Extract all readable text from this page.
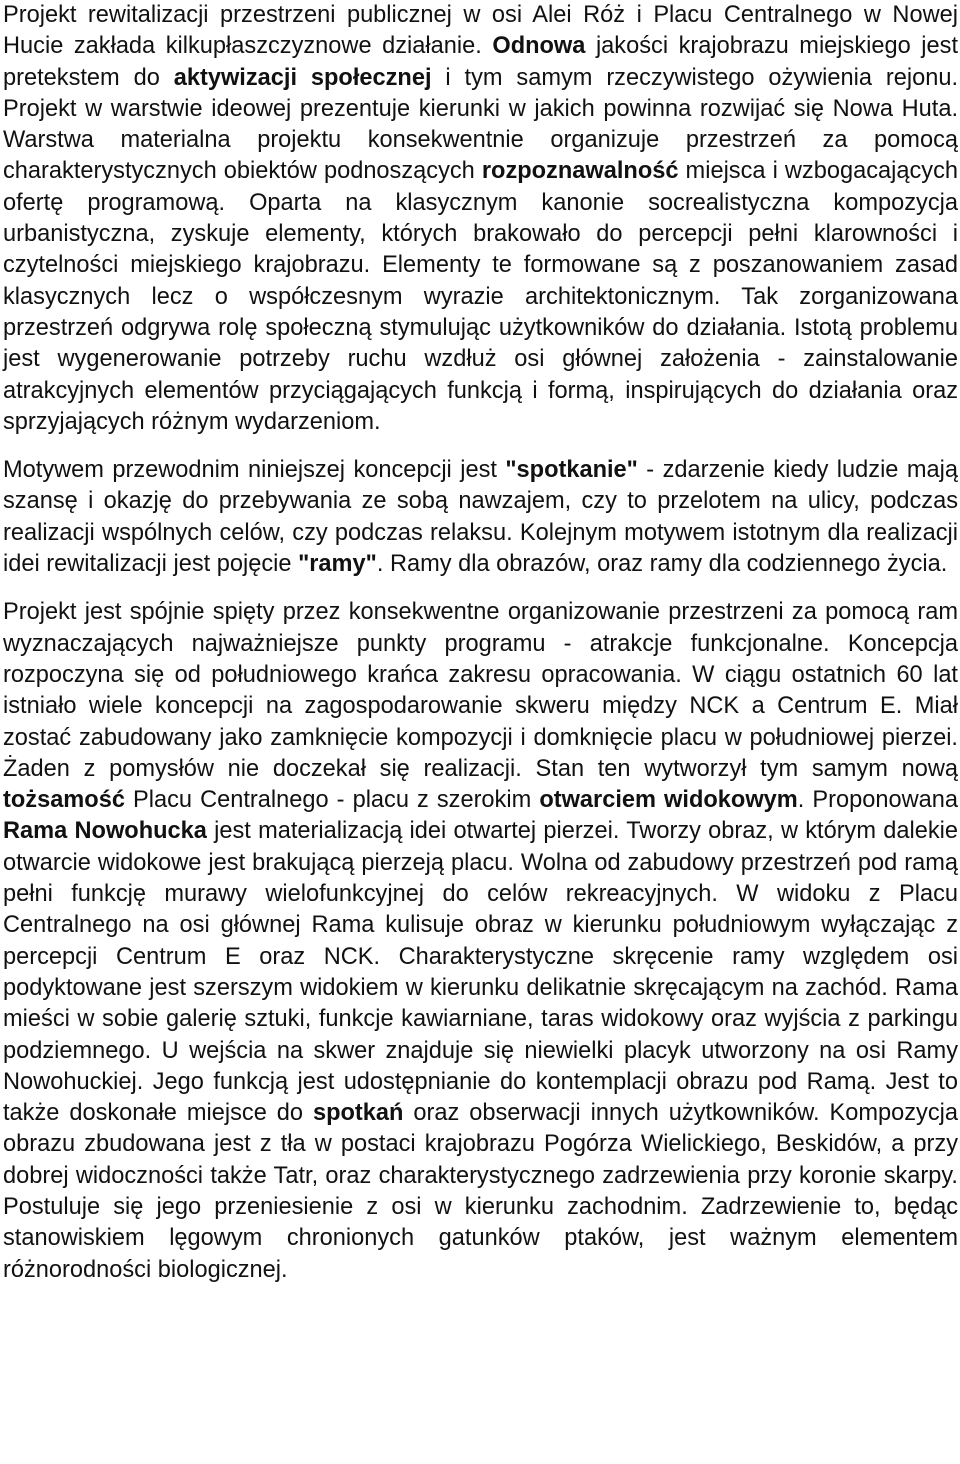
Projekt rewitalizacji przestrzeni publicznej w osi Alei Róż i Placu Centralnego w Nowej Hucie zakłada kilkupłaszczyznowe działanie. Odnowa jakości krajobrazu miejskiego jest pretekstem do aktywizacji społecznej i tym samym rzeczywistego ożywienia rejonu. Projekt w warstwie ideowej prezentuje kierunki w jakich powinna rozwijać się Nowa Huta. Warstwa materialna projektu konsekwentnie organizuje przestrzeń za pomocą charakterystycznych obiektów podnoszących rozpoznawalność miejsca i wzbogacających ofertę programową. Oparta na klasycznym kanonie socrealistyczna kompozycja urbanistyczna, zyskuje elementy, których brakowało do percepcji pełni klarowności i czytelności miejskiego krajobrazu. Elementy te formowane są z poszanowaniem zasad klasycznych lecz o współczesnym wyrazie architektonicznym. Tak zorganizowana przestrzeń odgrywa rolę społeczną stymulując użytkowników do działania. Istotą problemu jest wygenerowanie potrzeby ruchu wzdłuż osi głównej założenia - zainstalowanie atrakcyjnych elementów przyciągających funkcją i formą, inspirujących do działania oraz sprzyjających różnym wydarzeniom.

Motywem przewodnim niniejszej koncepcji jest "spotkanie" - zdarzenie kiedy ludzie mają szansę i okazję do przebywania ze sobą nawzajem, czy to przelotem na ulicy, podczas realizacji wspólnych celów, czy podczas relaksu. Kolejnym motywem istotnym dla realizacji idei rewitalizacji jest pojęcie "ramy". Ramy dla obrazów, oraz ramy dla codziennego życia.

Projekt jest spójnie spięty przez konsekwentne organizowanie przestrzeni za pomocą ram wyznaczających najważniejsze punkty programu - atrakcje funkcjonalne. Koncepcja rozpoczyna się od południowego krańca zakresu opracowania. W ciągu ostatnich 60 lat istniało wiele koncepcji na zagospodarowanie skweru między NCK a Centrum E. Miał zostać zabudowany jako zamknięcie kompozycji i domknięcie placu w południowej pierzei. Żaden z pomysłów nie doczekał się realizacji. Stan ten wytworzył tym samym nową tożsamość Placu Centralnego - placu z szerokim otwarciem widokowym. Proponowana Rama Nowohucka jest materializacją idei otwartej pierzei. Tworzy obraz, w którym dalekie otwarcie widokowe jest brakującą pierzeją placu. Wolna od zabudowy przestrzeń pod ramą pełni funkcję murawy wielofunkcyjnej do celów rekreacyjnych. W widoku z Placu Centralnego na osi głównej Rama kulisuje obraz w kierunku południowym wyłączając z percepcji Centrum E oraz NCK. Charakterystyczne skręcenie ramy względem osi podyktowane jest szerszym widokiem w kierunku delikatnie skręcającym na zachód. Rama mieści w sobie galerię sztuki, funkcje kawiarniane, taras widokowy oraz wyjścia z parkingu podziemnego. U wejścia na skwer znajduje się niewielki placyk utworzony na osi Ramy Nowohuckiej. Jego funkcją jest udostępnianie do kontemplacji obrazu pod Ramą. Jest to także doskonałe miejsce do spotkań oraz obserwacji innych użytkowników. Kompozycja obrazu zbudowana jest z tła w postaci krajobrazu Pogórza Wielickiego, Beskidów, a przy dobrej widoczności także Tatr, oraz charakterystycznego zadrzewienia przy koronie skarpy. Postuluje się jego przeniesienie z osi w kierunku zachodnim. Zadrzewienie to, będąc stanowiskiem lęgowym chronionych gatunków ptaków, jest ważnym elementem różnorodności biologicznej.
